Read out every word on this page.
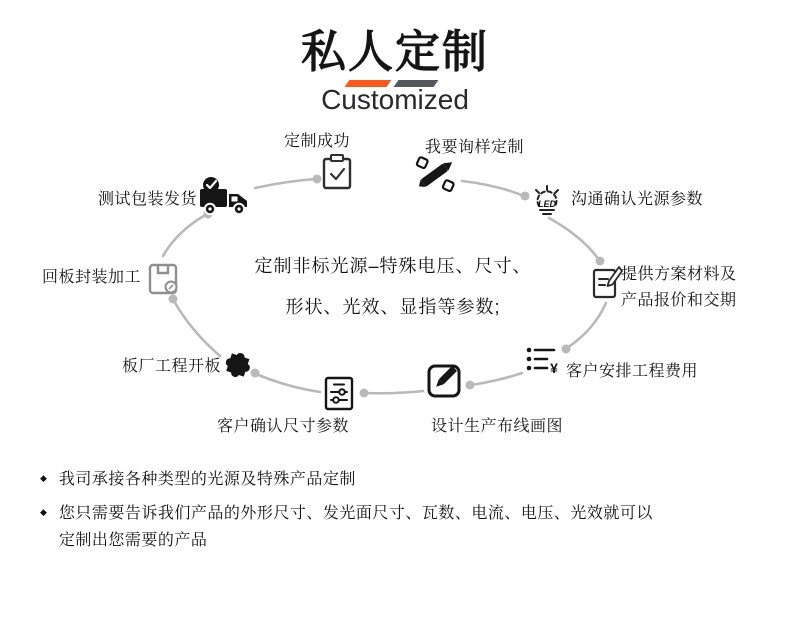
私人定制
Customized
定制非标光源–特殊电压、尺寸、
形状、光效、显指等参数;
我要询样定制
沟通确认光源参数
LED
提供方案材料及
产品报价和交期
客户安排工程费用
¥
设计生产布线画图
客户确认尺寸参数
板厂工程开板
回板封装加工
测试包装发货
定制成功
◆ 我司承接各种类型的光源及特殊产品定制
◆ 您只需要告诉我们产品的外形尺寸、发光面尺寸、瓦数、电流、电压、光效就可以
定制出您需要的产品
